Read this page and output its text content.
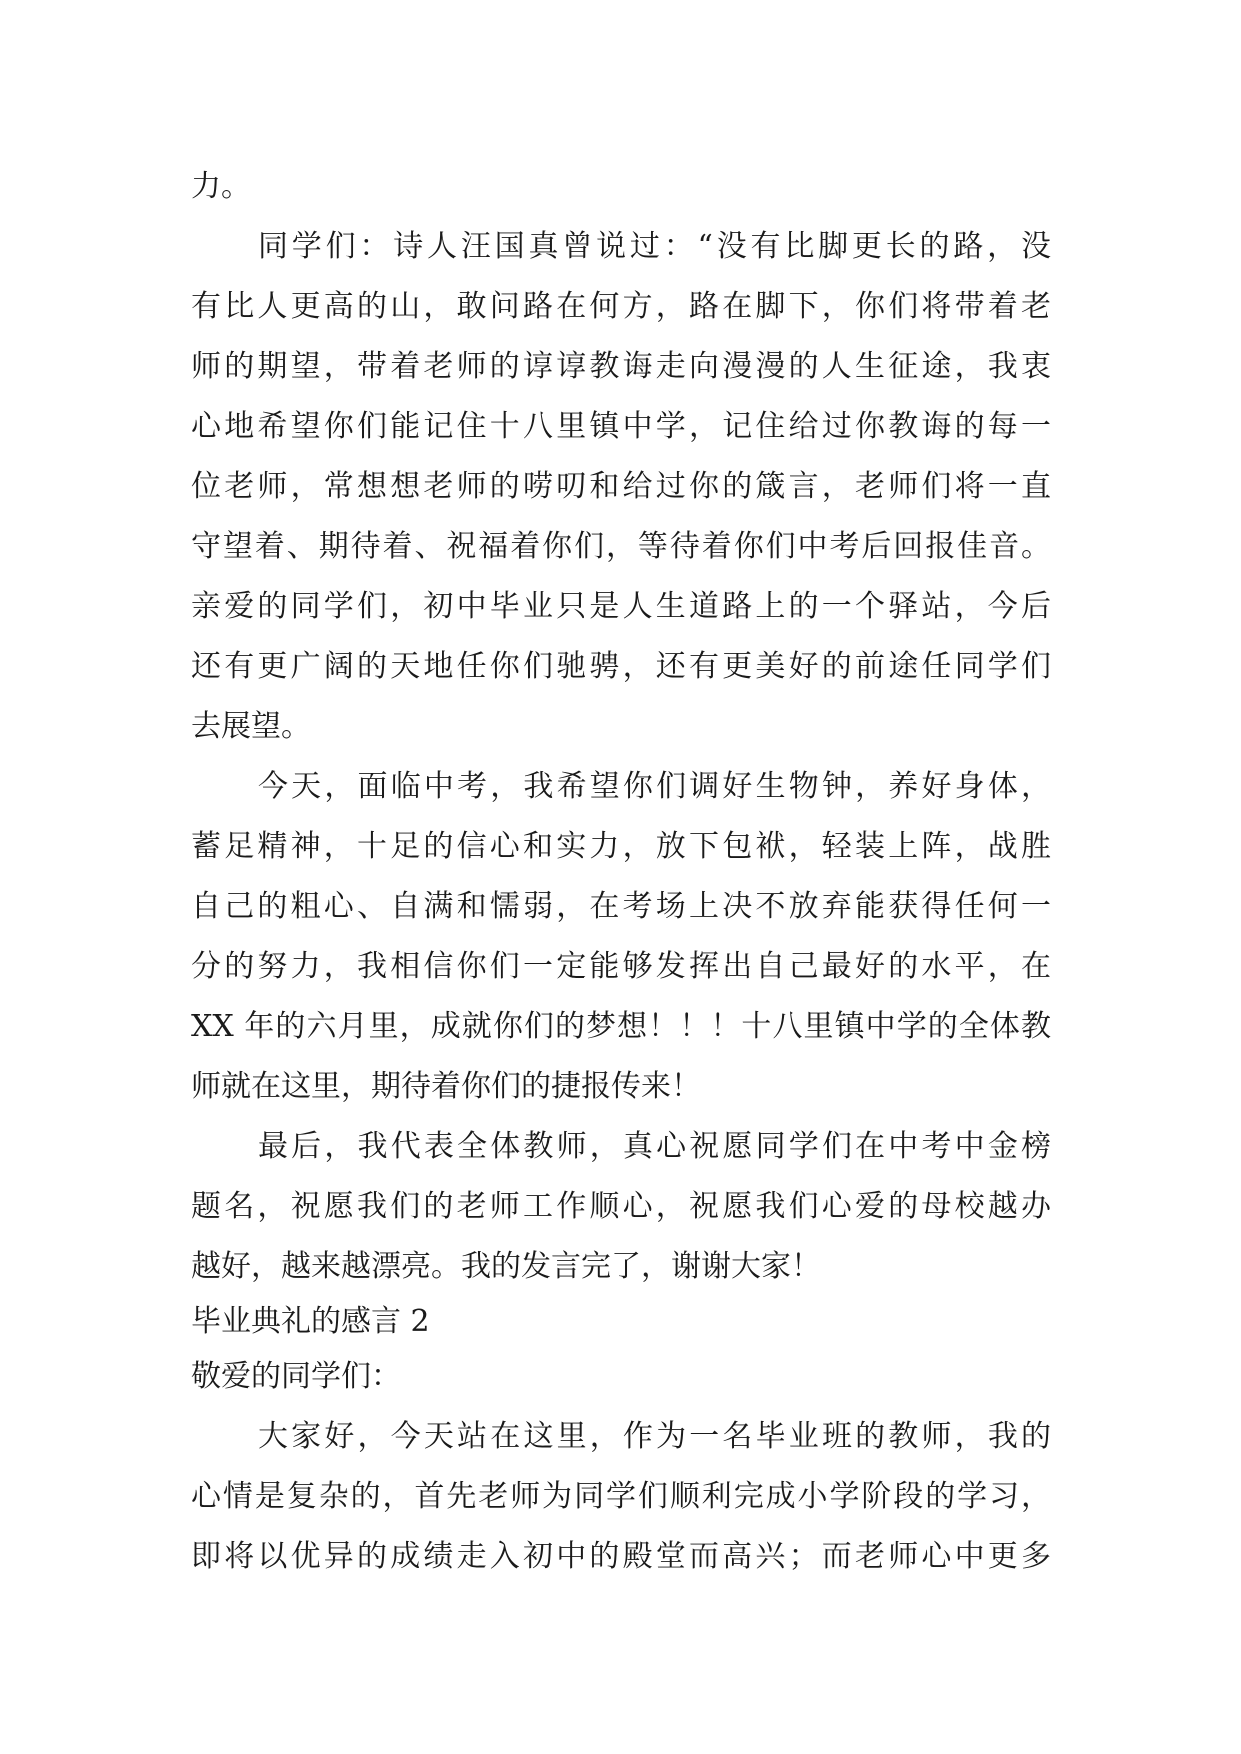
力。
同学们：诗人汪国真曾说过：“没有比脚更长的路，没
有比人更高的山，敢问路在何方，路在脚下，你们将带着老
师的期望，带着老师的谆谆教诲走向漫漫的人生征途，我衷
心地希望你们能记住十八里镇中学，记住给过你教诲的每一
位老师，常想想老师的唠叨和给过你的箴言，老师们将一直
守望着、期待着、祝福着你们，等待着你们中考后回报佳音。
亲爱的同学们，初中毕业只是人生道路上的一个驿站，今后
还有更广阔的天地任你们驰骋，还有更美好的前途任同学们
去展望。
今天，面临中考，我希望你们调好生物钟，养好身体，
蓄足精神，十足的信心和实力，放下包袱，轻装上阵，战胜
自己的粗心、自满和懦弱，在考场上决不放弃能获得任何一
分的努力，我相信你们一定能够发挥出自己最好的水平，在
XX 年的六月里，成就你们的梦想！！！十八里镇中学的全体教
师就在这里，期待着你们的捷报传来！
最后，我代表全体教师，真心祝愿同学们在中考中金榜
题名，祝愿我们的老师工作顺心，祝愿我们心爱的母校越办
越好，越来越漂亮。我的发言完了，谢谢大家！
毕业典礼的感言 2
敬爱的同学们：
大家好，今天站在这里，作为一名毕业班的教师，我的
心情是复杂的，首先老师为同学们顺利完成小学阶段的学习，
即将以优异的成绩走入初中的殿堂而高兴；而老师心中更多
